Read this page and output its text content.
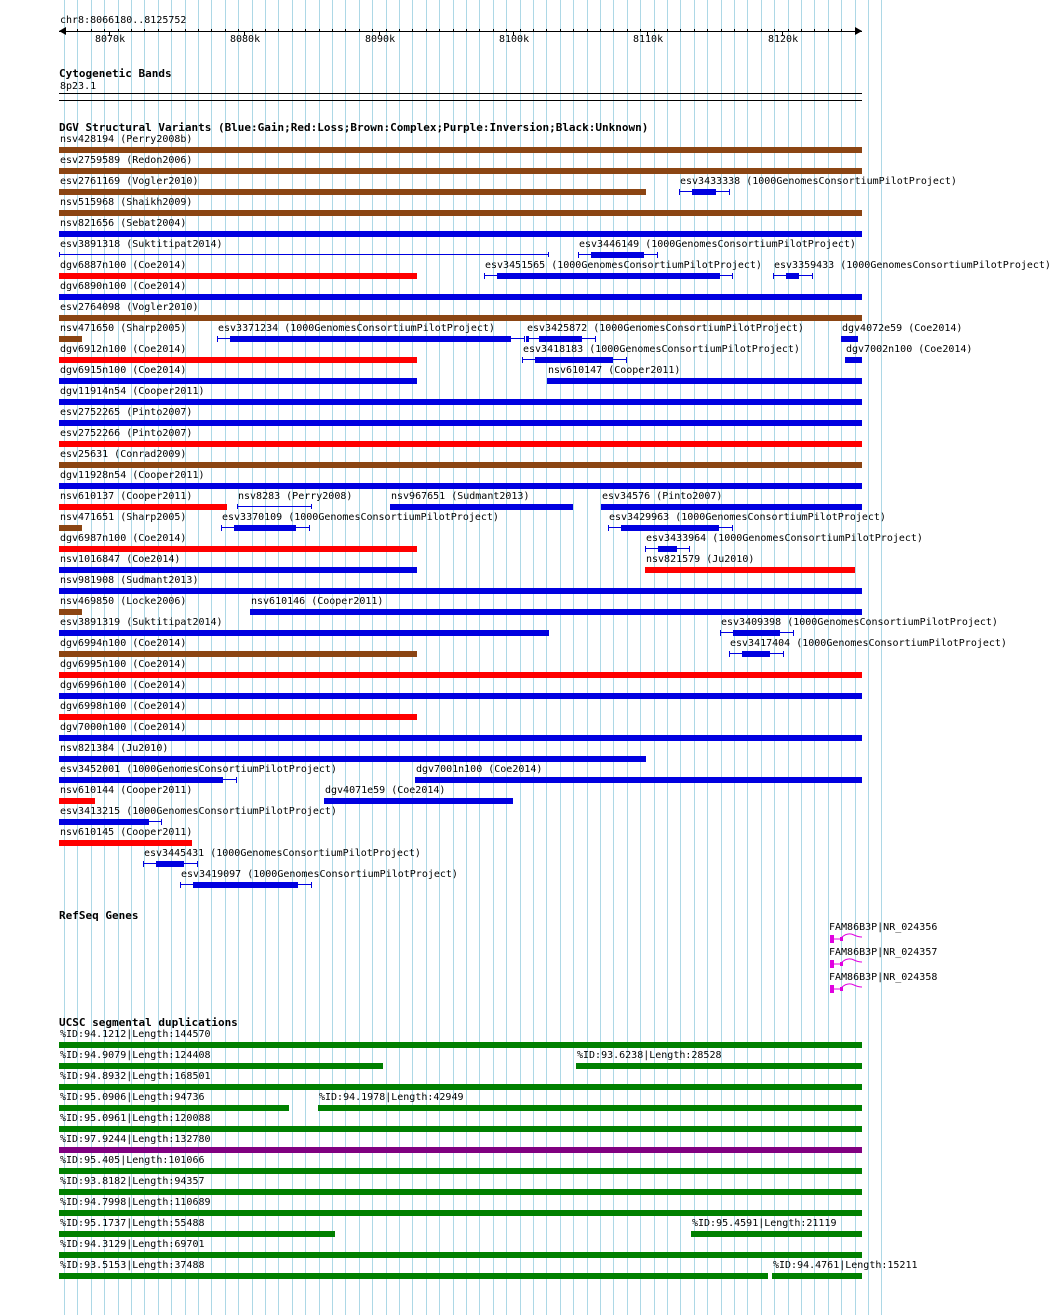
chr8:8066180..8125752
8070k	8080k	8090k	8100k	8110k	8120k
Cytogenetic Bands
8p23.1
DGV Structural Variants (Blue:Gain;Red:Loss;Brown:Complex;Purple:Inversion;Black:Unknown)
nsv428194 (Perry2008b)
esv2759589 (Redon2006)
esv2761169 (Vogler2010)	esv3433338 (1000GenomesConsortiumPilotProject)
nsv515968 (Shaikh2009)
nsv821656 (Sebat2004)
esv3891318 (Suktitipat2014)	esv3446149 (1000GenomesConsortiumPilotProject)
dgv6887n100 (Coe2014)	esv3451565 (1000GenomesConsortiumPilotProject) esv3359433 (1000GenomesConsortiumPilotProject)
dgv6890n100 (Coe2014)
esv2764098 (Vogler2010)
nsv471650 (Sharp2005)	esv3371234 (1000GenomesConsortiumPilotProject)	esv3425872 (1000GenomesConsortiumPilotProject)	dgv4072e59 (Coe2014)
dgv6912n100 (Coe2014)	esv3418183 (1000GenomesConsortiumPilotProject)	dgv7002n100 (Coe2014)
dgv6915n100 (Coe2014)	nsv610147 (Cooper2011)
dgv11914n54 (Cooper2011)
esv2752265 (Pinto2007)
esv2752266 (Pinto2007)
esv25631 (Conrad2009)
dgv11928n54 (Cooper2011)
nsv610137 (Cooper2011)	nsv8283 (Perry2008)	nsv967651 (Sudmant2013)	esv34576 (Pinto2007)
nsv471651 (Sharp2005)	esv3370109 (1000GenomesConsortiumPilotProject)	esv3429963 (1000GenomesConsortiumPilotProject)
dgv6987n100 (Coe2014)	esv3433964 (1000GenomesConsortiumPilotProject)
nsv1016847 (Coe2014)	nsv821579 (Ju2010)
nsv981908 (Sudmant2013)
nsv469850 (Locke2006)	nsv610146 (Cooper2011)
esv3891319 (Suktitipat2014)	esv3409398 (1000GenomesConsortiumPilotProject)
dgv6994n100 (Coe2014)	esv3417404 (1000GenomesConsortiumPilotProject)
dgv6995n100 (Coe2014)
dgv6996n100 (Coe2014)
dgv6998n100 (Coe2014)
dgv7000n100 (Coe2014)
nsv821384 (Ju2010)
esv3452001 (1000GenomesConsortiumPilotProject)	dgv7001n100 (Coe2014)
nsv610144 (Cooper2011)	dgv4071e59 (Coe2014)
esv3413215 (1000GenomesConsortiumPilotProject)
nsv610145 (Cooper2011)
esv3445431 (1000GenomesConsortiumPilotProject)
esv3419097 (1000GenomesConsortiumPilotProject)
RefSeq Genes
FAM86B3P|NR_024356
FAM86B3P|NR_024357
FAM86B3P|NR_024358
UCSC segmental duplications
%ID:94.1212|Length:144570
%ID:94.9079|Length:124408	%ID:93.6238|Length:28528
%ID:94.8932|Length:168501
%ID:95.0906|Length:94736	%ID:94.1978|Length:42949
%ID:95.0961|Length:120088
%ID:97.9244|Length:132780
%ID:95.405|Length:101066
%ID:93.8182|Length:94357
%ID:94.7998|Length:110689
%ID:95.1737|Length:55488	%ID:95.4591|Length:21119
%ID:94.3129|Length:69701
%ID:93.5153|Length:37488	%ID:94.4761|Length:15211
